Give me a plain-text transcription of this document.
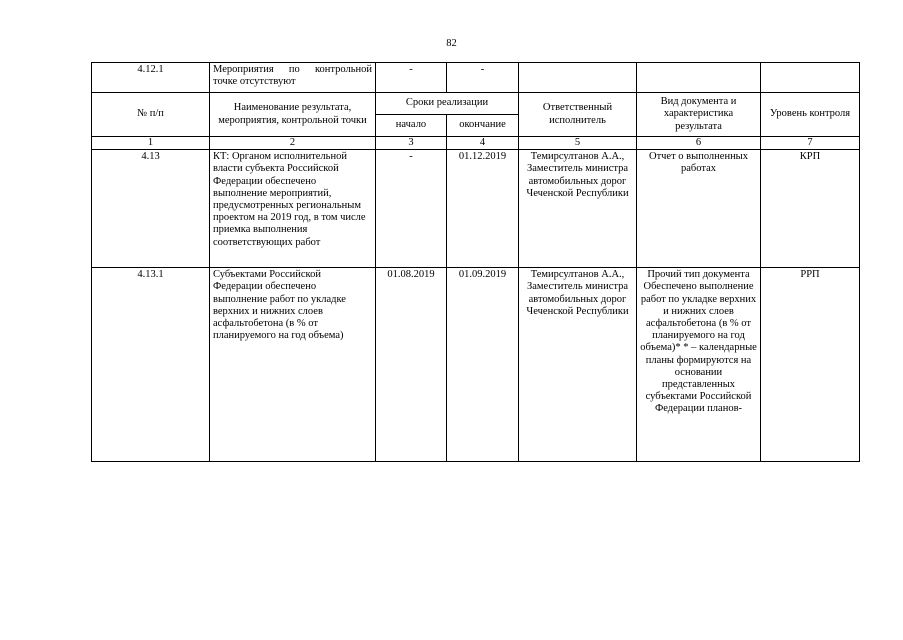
82
4.12.1	Мероприятия по контрольной точке отсутствуют	-	-			
№ п/п	Наименование результата, мероприятия, контрольной точки	Сроки реализации		Ответственный исполнитель	Вид документа и характеристика результата	Уровень контроля
		начало	окончание			
1	2	3	4	5	6	7
4.13	КТ: Органом исполнительной власти субъекта Российской Федерации обеспечено выполнение мероприятий, предусмотренных региональным проектом на 2019 год, в том числе приемка выполнения соответствующих работ	-	01.12.2019	Темирсултанов А.А., Заместитель министра автомобильных дорог Чеченской Республики	Отчет о выполненных работах	КРП
4.13.1	Субъектами Российской Федерации обеспечено выполнение работ по укладке верхних и нижних слоев асфальтобетона (в % от планируемого на год объема)	01.08.2019	01.09.2019	Темирсултанов А.А., Заместитель министра автомобильных дорог Чеченской Республики	Прочий тип документа Обеспечено выполнение работ по укладке верхних и нижних слоев асфальтобетона (в % от планируемого на год объема)* * – календарные планы формируются на основании представленных субъектами Российской Федерации планов-	РРП
